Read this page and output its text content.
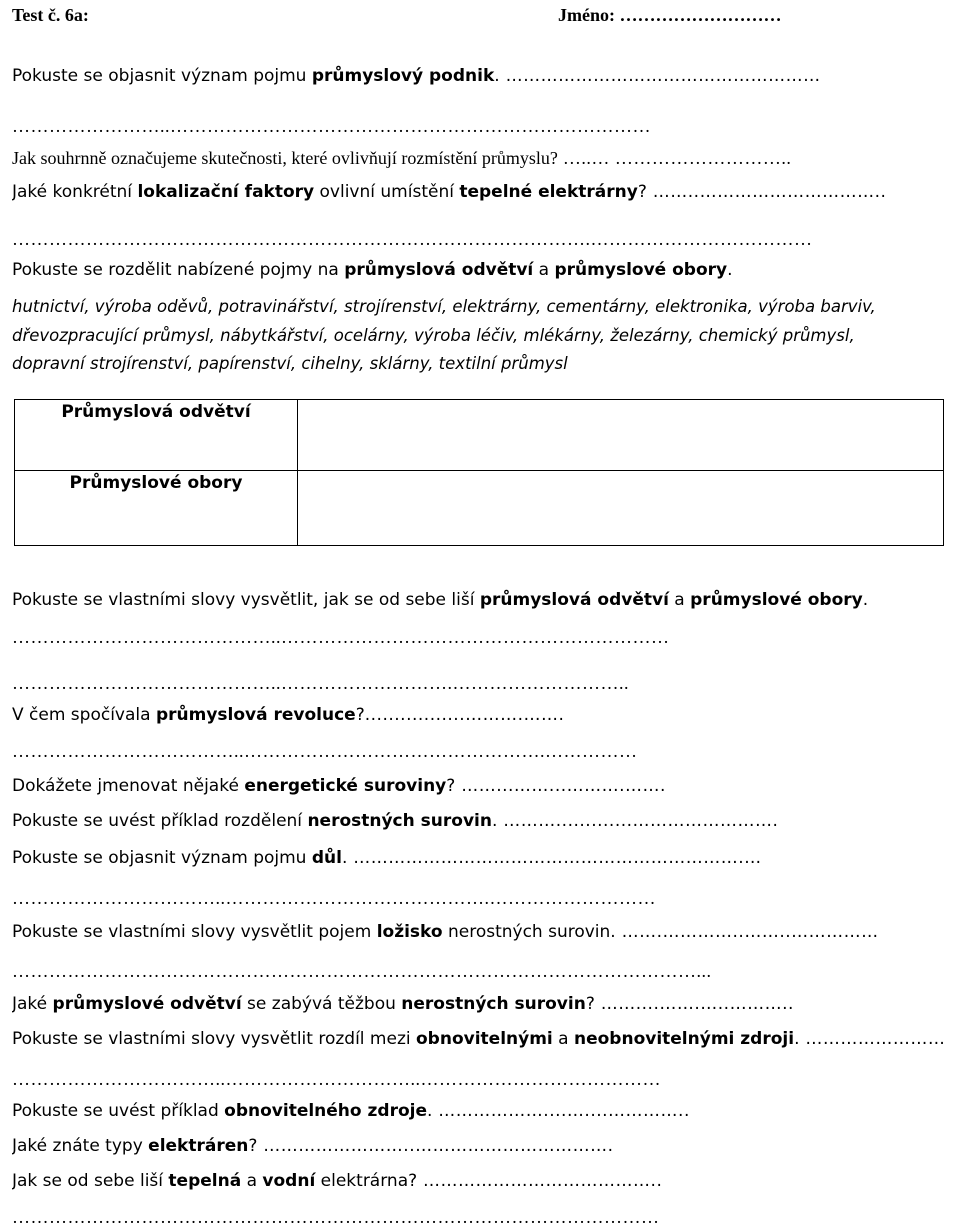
Test č. 6a:	Jméno: ………………………
Pokuste se objasnit význam pojmu průmyslový podnik. ………………………………………………
……………………..……………………………………………………………………
Jak souhrnně označujeme skutečnosti, které ovlivňují rozmístění průmyslu? …..… ………………………..
Jaké konkrétní lokalizační faktory ovlivní umístění tepelné elektrárny? ……..…………………………..
………………………………………………………………………………….………………………………
Pokuste se rozdělit nabízené pojmy na průmyslová odvětví a průmyslové obory.
hutnictví, výroba oděvů, potravinářství, strojírenství, elektrárny, cementárny, elektronika, výroba barviv,
dřevozpracující průmysl, nábytkářství, ocelárny, výroba léčiv, mlékárny, železárny, chemický průmysl,
dopravní strojírenství, papírenství, cihelny, sklárny, textilní průmysl
Průmyslová odvětví	
Průmyslové obory	
Pokuste se vlastními slovy vysvětlit, jak se od sebe liší průmyslová odvětví a průmyslové obory.
……………………………………..………………………………………………………
……………………………………..……………………….………………………..
V čem spočívala průmyslová revoluce?.................……….…….
………………………………..………………………………………….……………
Dokážete jmenovat nějaké energetické suroviny? ……...……...……….…….
Pokuste se uvést příklad rozdělení nerostných surovin. ……….............…………………….
Pokuste se objasnit význam pojmu důl. ………………………………………………………….…
……………………………..…………………………………….………………………
Pokuste se vlastními slovy vysvětlit pojem ložisko nerostných surovin. …….…………..……..……………
…………………………………………………………………………………………………...
Jaké průmyslové odvětví se zabývá těžbou nerostných surovin? ……....…….…..………..
Pokuste se vlastními slovy vysvětlit rozdíl mezi obnovitelnými a neobnovitelnými zdroji. ……………………
……………………………..…………………………..…………………………………
Pokuste se uvést příklad obnovitelného zdroje. ………………....…....…………..
Jaké znáte typy elektráren? ……………………..…………………………….
Jak se od sebe liší tepelná a vodní elektrárna? …………………………………..
……………………………………………………………………………………………
